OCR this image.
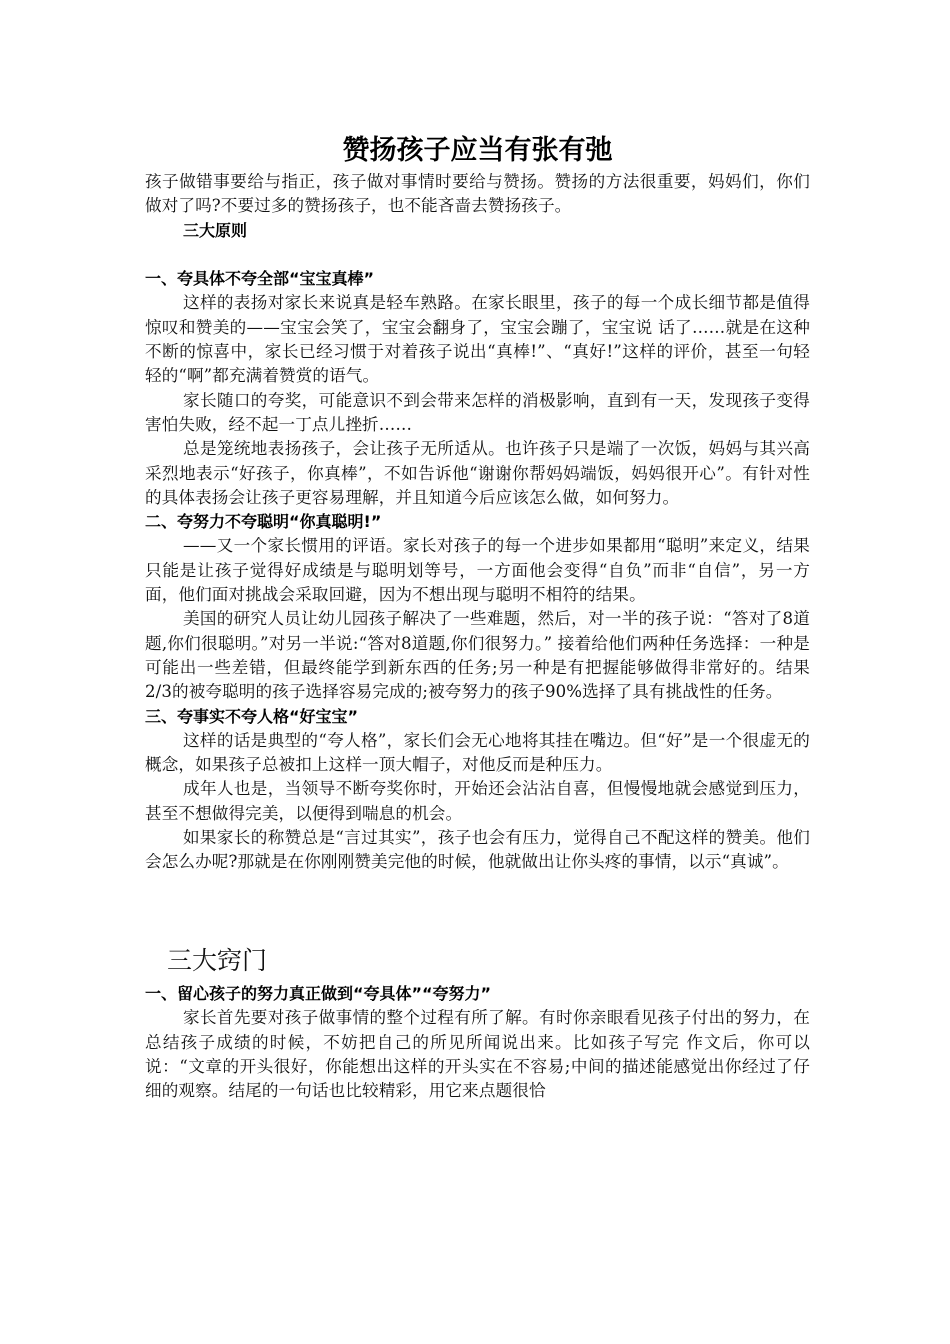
赞扬孩子应当有张有弛

孩子做错事要给与指正，孩子做对事情时要给与赞扬。赞扬的方法很重要，妈妈们，你们做对了吗?不要过多的赞扬孩子，也不能吝啬去赞扬孩子。

三大原则

一、夸具体不夸全部“宝宝真棒”

这样的表扬对家长来说真是轻车熟路。在家长眼里，孩子的每一个成长细节都是值得惊叹和赞美的——宝宝会笑了，宝宝会翻身了，宝宝会蹦了，宝宝说 话了……就是在这种不断的惊喜中，家长已经习惯于对着孩子说出“真棒!”、“真好!”这样的评价，甚至一句轻轻的“啊”都充满着赞赏的语气。

家长随口的夸奖，可能意识不到会带来怎样的消极影响，直到有一天，发现孩子变得害怕失败，经不起一丁点儿挫折……

总是笼统地表扬孩子，会让孩子无所适从。也许孩子只是端了一次饭，妈妈与其兴高采烈地表示“好孩子，你真棒”，不如告诉他“谢谢你帮妈妈端饭，妈妈很开心”。有针对性的具体表扬会让孩子更容易理解，并且知道今后应该怎么做，如何努力。

二、夸努力不夸聪明“你真聪明!”

——又一个家长惯用的评语。家长对孩子的每一个进步如果都用“聪明”来定义，结果只能是让孩子觉得好成绩是与聪明划等号，一方面他会变得“自负”而非“自信”，另一方面，他们面对挑战会采取回避，因为不想出现与聪明不相符的结果。

美国的研究人员让幼儿园孩子解决了一些难题，然后，对一半的孩子说：“答对了8道题,你们很聪明。”对另一半说:“答对8道题,你们很努力。” 接着给他们两种任务选择：一种是可能出一些差错，但最终能学到新东西的任务;另一种是有把握能够做得非常好的。结果2/3的被夸聪明的孩子选择容易完成的;被夸努力的孩子90%选择了具有挑战性的任务。

三、夸事实不夸人格“好宝宝”

这样的话是典型的“夸人格”，家长们会无心地将其挂在嘴边。但“好”是一个很虚无的概念，如果孩子总被扣上这样一顶大帽子，对他反而是种压力。

成年人也是，当领导不断夸奖你时，开始还会沾沾自喜，但慢慢地就会感觉到压力，甚至不想做得完美，以便得到喘息的机会。

如果家长的称赞总是“言过其实”，孩子也会有压力，觉得自己不配这样的赞美。他们会怎么办呢?那就是在你刚刚赞美完他的时候，他就做出让你头疼的事情，以示“真诚”。

三大窍门

一、留心孩子的努力真正做到“夸具体”“夸努力”

家长首先要对孩子做事情的整个过程有所了解。有时你亲眼看见孩子付出的努力，在总结孩子成绩的时候，不妨把自己的所见所闻说出来。比如孩子写完 作文后，你可以说：“文章的开头很好，你能想出这样的开头实在不容易;中间的描述能感觉出你经过了仔细的观察。结尾的一句话也比较精彩，用它来点题很恰
